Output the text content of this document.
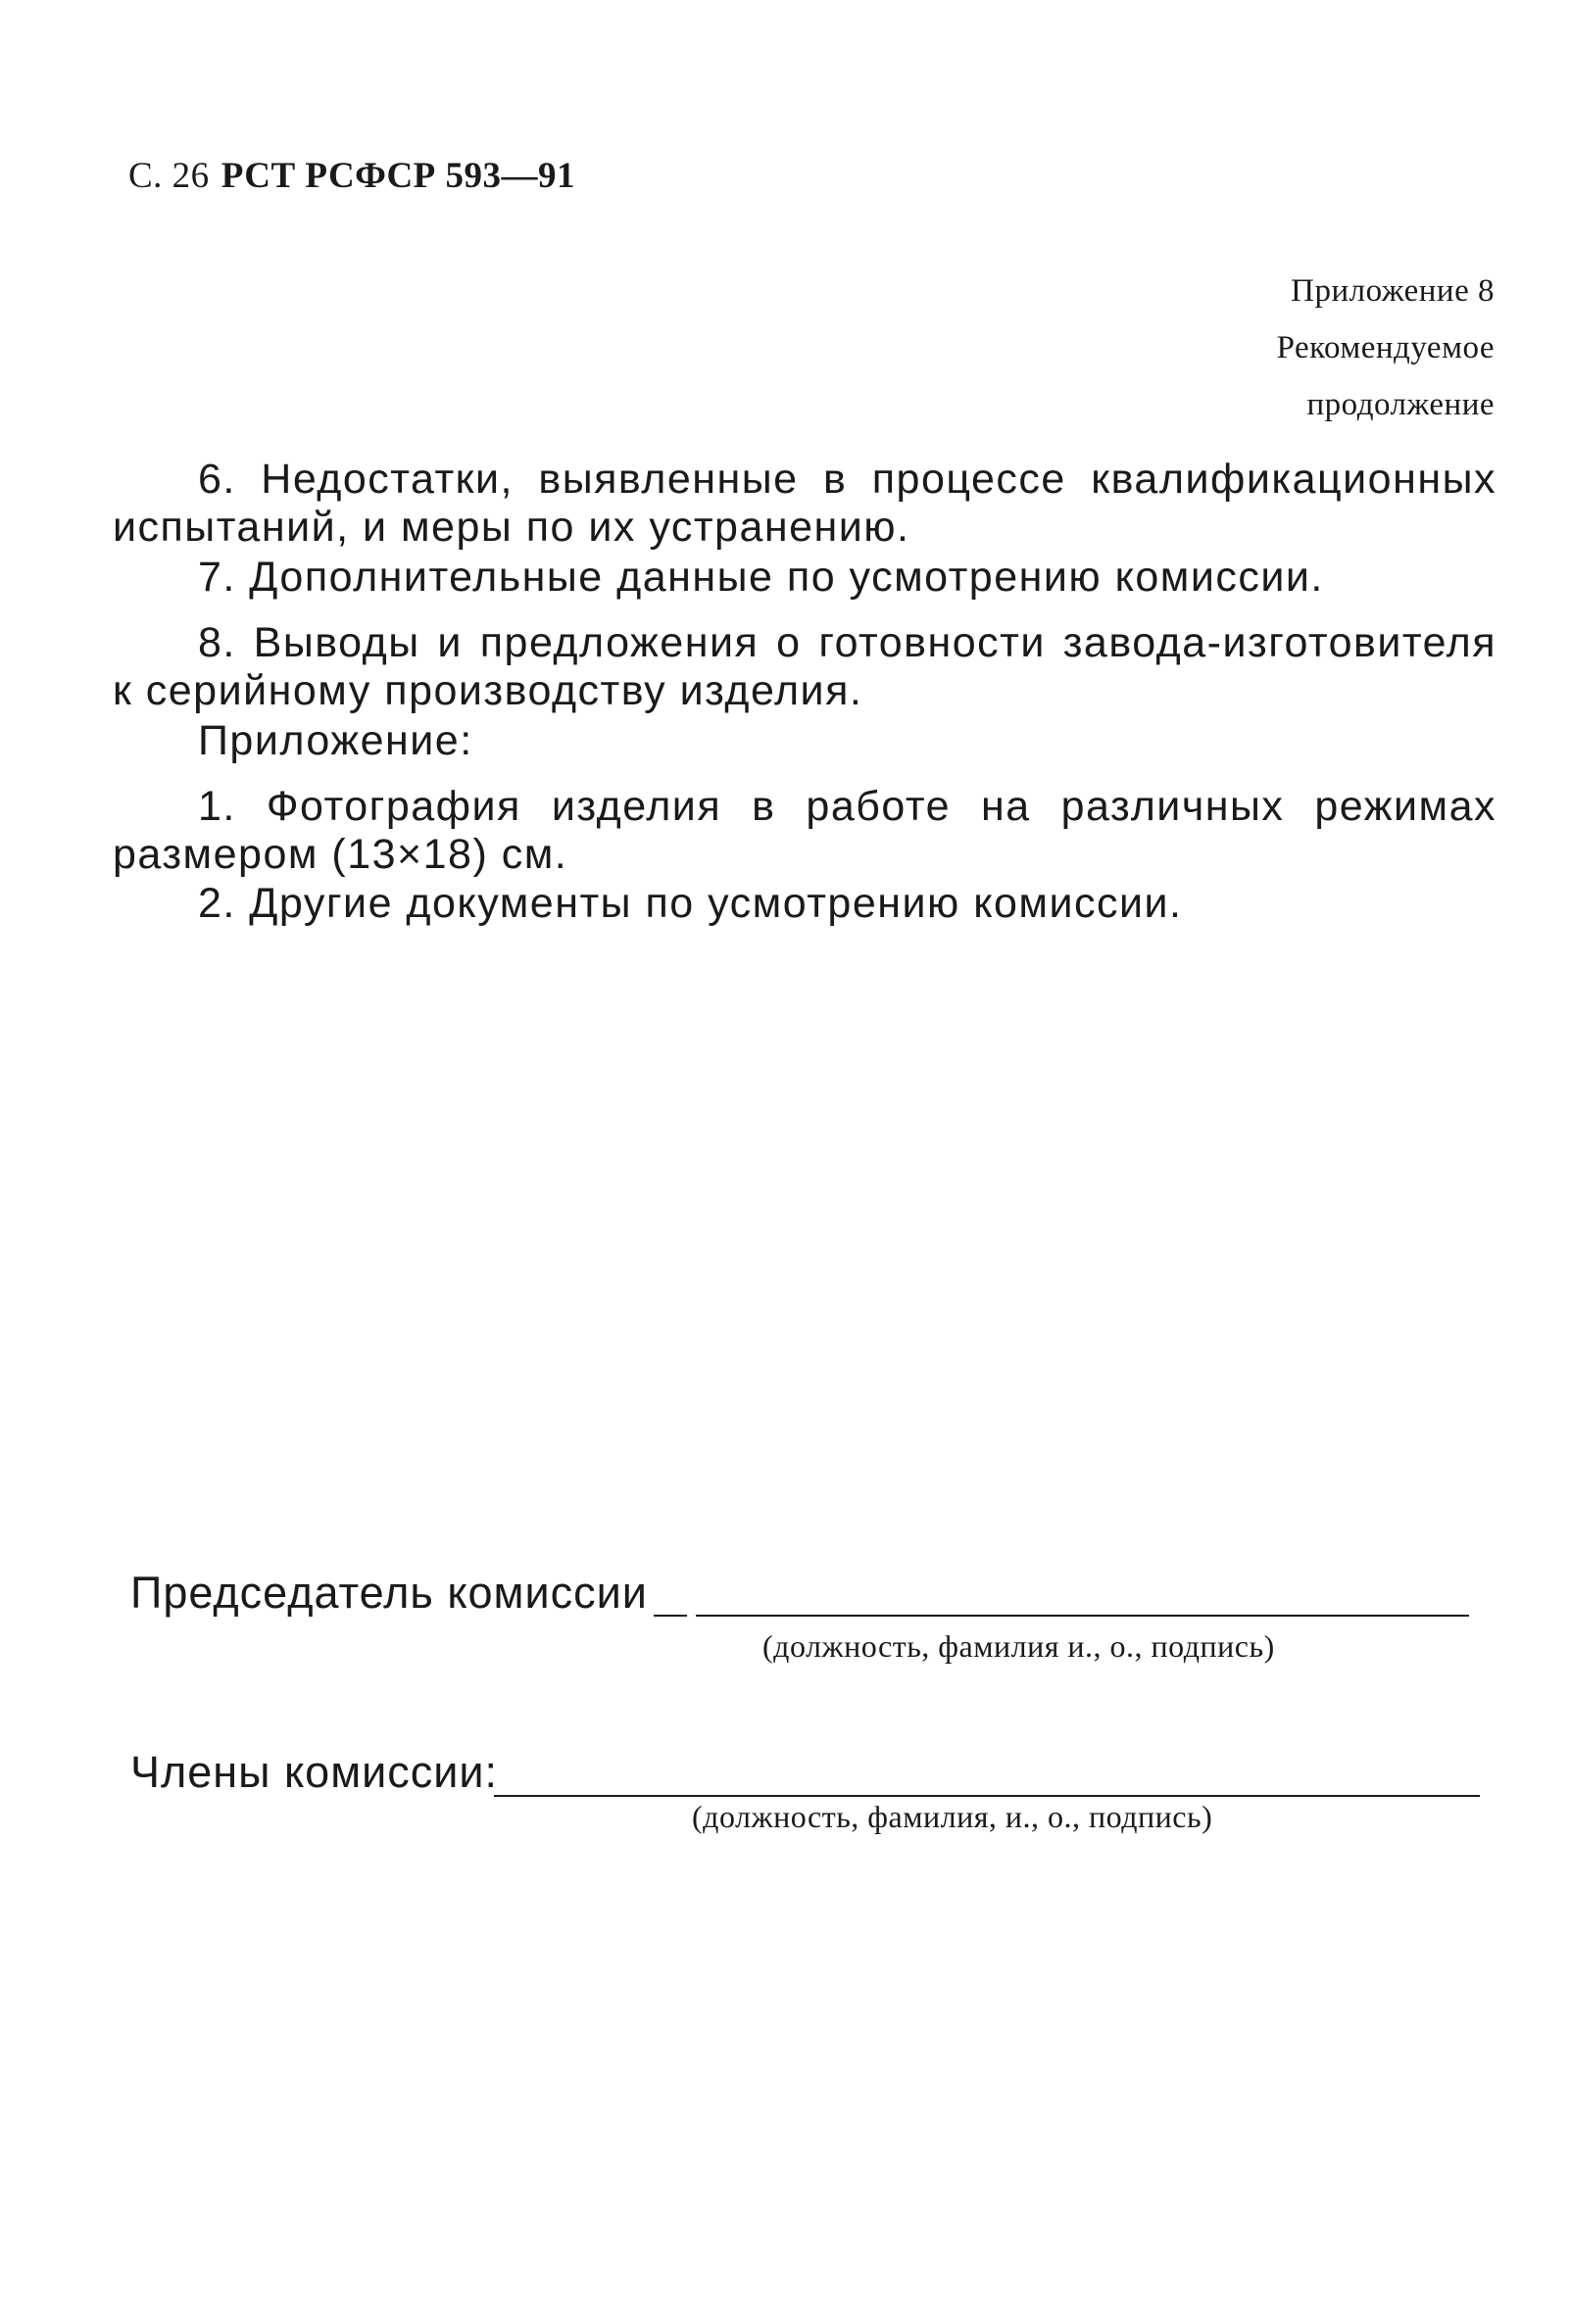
С. 26 РСТ РСФСР 593—91
Приложение 8
Рекомендуемое
продолжение

6. Недостатки, выявленные в процессе квалификационных испытаний, и меры по их устранению.

7. Дополнительные данные по усмотрению комиссии.

8. Выводы и предложения о готовности завода-изготовителя к серийному производству изделия.

Приложение:

1. Фотография изделия в работе на различных режимах размером (13×18) см.

2. Другие документы по усмотрению комиссии.

Председатель комиссии
(должность, фамилия и., о., подпись)
Члены комиссии:
(должность, фамилия, и., о., подпись)
